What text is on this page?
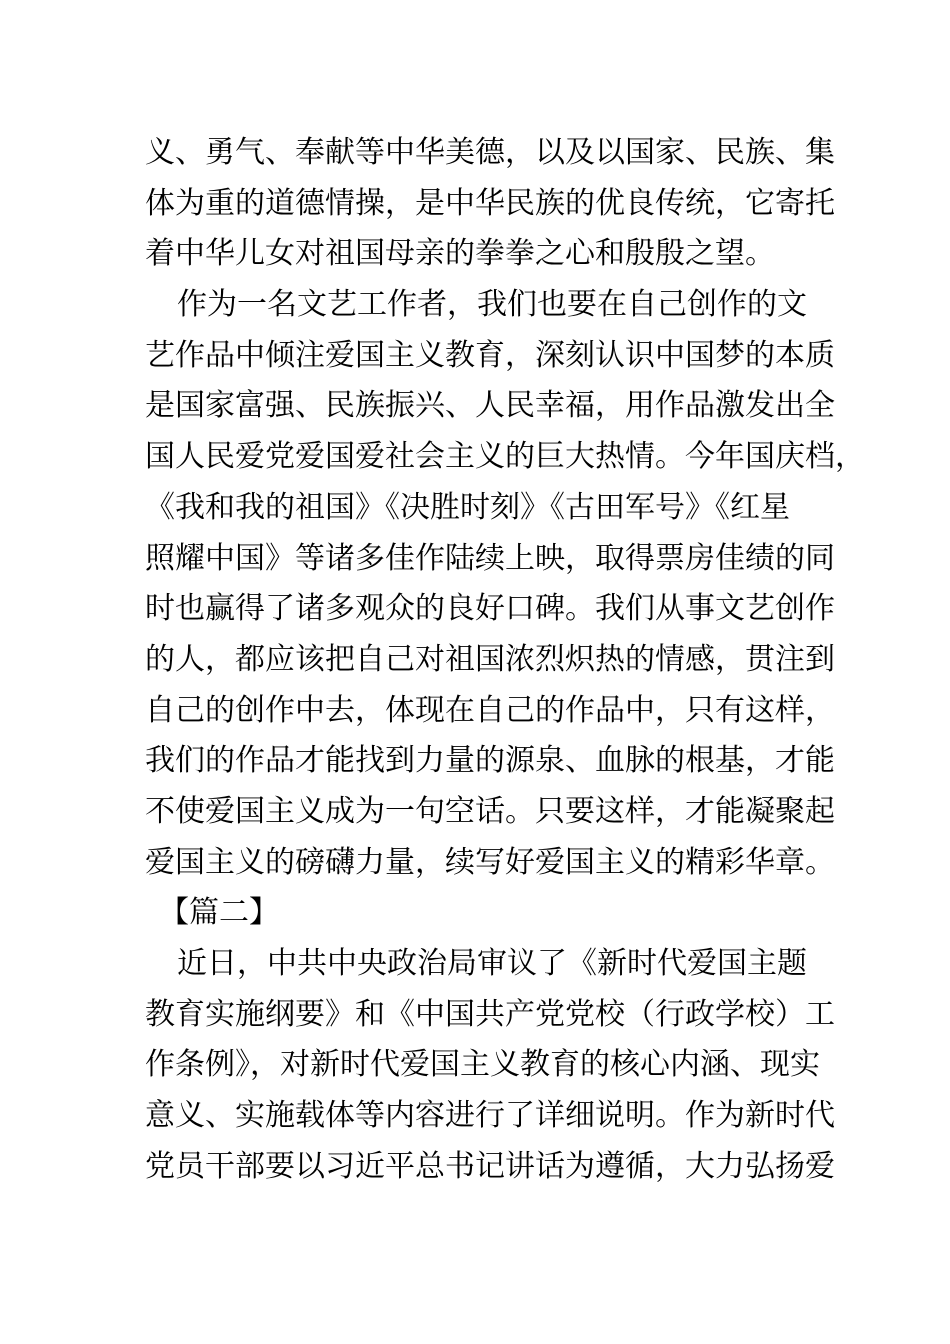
义、勇气、奉献等中华美德，以及以国家、民族、集
体为重的道德情操，是中华民族的优良传统，它寄托
着中华儿女对祖国母亲的拳拳之心和殷殷之望。
作为一名文艺工作者，我们也要在自己创作的文
艺作品中倾注爱国主义教育，深刻认识中国梦的本质
是国家富强、民族振兴、人民幸福，用作品激发出全
国人民爱党爱国爱社会主义的巨大热情。今年国庆档，
《我和我的祖国》《决胜时刻》《古田军号》《红星
照耀中国》等诸多佳作陆续上映，取得票房佳绩的同
时也赢得了诸多观众的良好口碑。我们从事文艺创作
的人，都应该把自己对祖国浓烈炽热的情感，贯注到
自己的创作中去，体现在自己的作品中，只有这样，
我们的作品才能找到力量的源泉、血脉的根基，才能
不使爱国主义成为一句空话。只要这样，才能凝聚起
爱国主义的磅礴力量，续写好爱国主义的精彩华章。
【篇二】
近日，中共中央政治局审议了《新时代爱国主题
教育实施纲要》和《中国共产党党校（行政学校）工
作条例》，对新时代爱国主义教育的核心内涵、现实
意义、实施载体等内容进行了详细说明。作为新时代
党员干部要以习近平总书记讲话为遵循，大力弘扬爱
